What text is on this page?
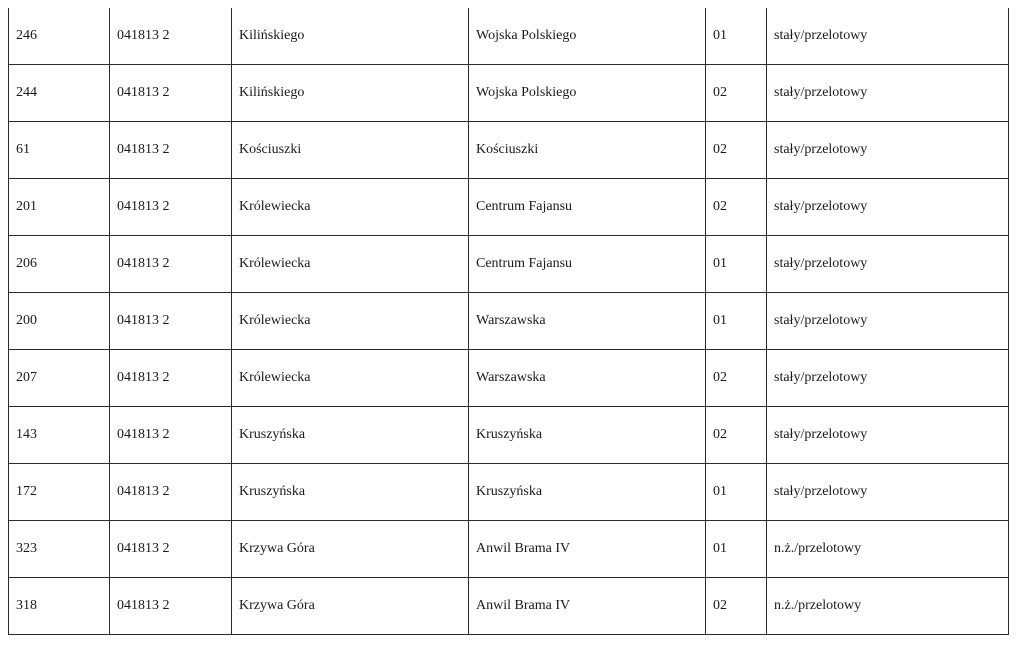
246	041813 2	Kilińskiego	Wojska Polskiego	01	stały/przelotowy
244	041813 2	Kilińskiego	Wojska Polskiego	02	stały/przelotowy
61	041813 2	Kościuszki	Kościuszki	02	stały/przelotowy
201	041813 2	Królewiecka	Centrum Fajansu	02	stały/przelotowy
206	041813 2	Królewiecka	Centrum Fajansu	01	stały/przelotowy
200	041813 2	Królewiecka	Warszawska	01	stały/przelotowy
207	041813 2	Królewiecka	Warszawska	02	stały/przelotowy
143	041813 2	Kruszyńska	Kruszyńska	02	stały/przelotowy
172	041813 2	Kruszyńska	Kruszyńska	01	stały/przelotowy
323	041813 2	Krzywa Góra	Anwil Brama IV	01	n.ż./przelotowy
318	041813 2	Krzywa Góra	Anwil Brama IV	02	n.ż./przelotowy
